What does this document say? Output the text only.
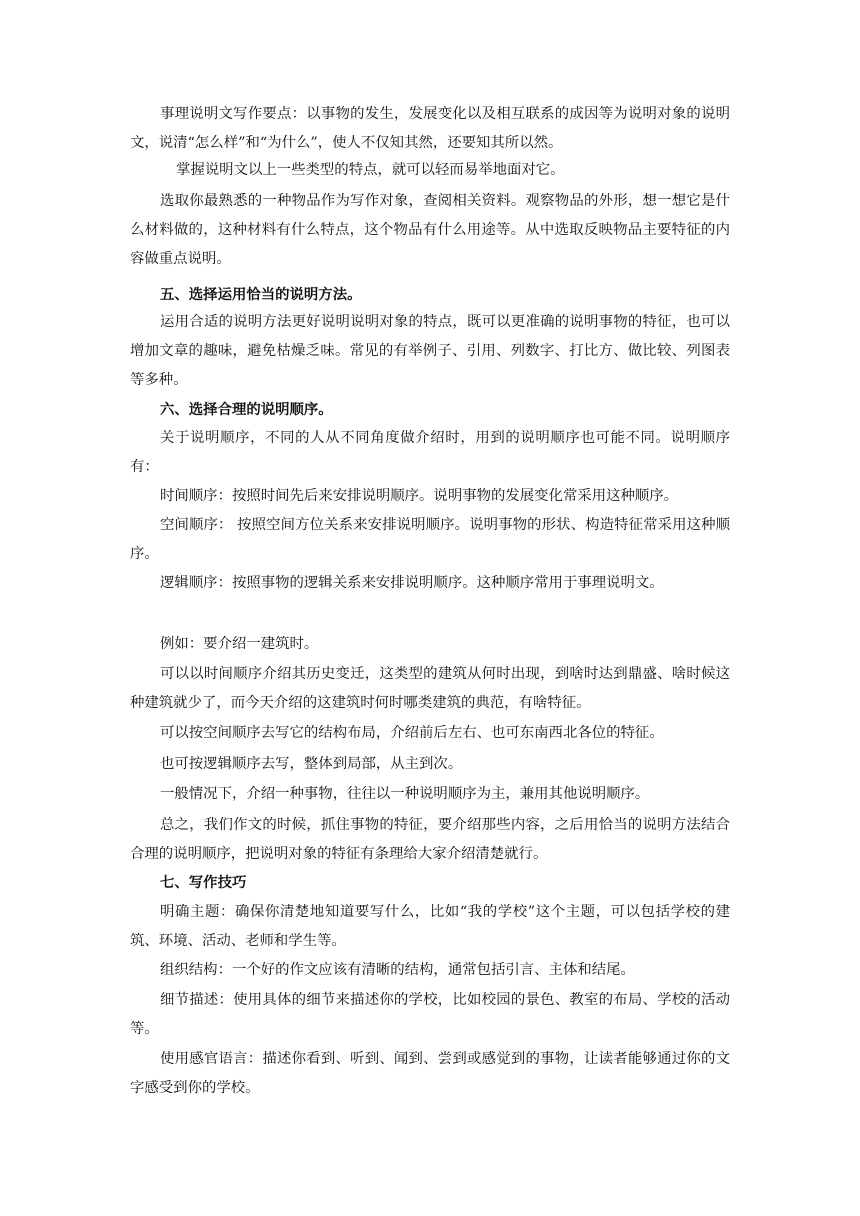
事理说明文写作要点：以事物的发生，发展变化以及相互联系的成因等为说明对象的说明文，说清“怎么样”和“为什么”，使人不仅知其然，还要知其所以然。
掌握说明文以上一些类型的特点，就可以轻而易举地面对它。
选取你最熟悉的一种物品作为写作对象，查阅相关资料。观察物品的外形，想一想它是什么材料做的，这种材料有什么特点，这个物品有什么用途等。从中选取反映物品主要特征的内容做重点说明。
五、选择运用恰当的说明方法。
运用合适的说明方法更好说明说明对象的特点，既可以更准确的说明事物的特征，也可以增加文章的趣味，避免枯燥乏味。常见的有举例子、引用、列数字、打比方、做比较、列图表等多种。
六、选择合理的说明顺序。
关于说明顺序，不同的人从不同角度做介绍时，用到的说明顺序也可能不同。说明顺序有：
时间顺序：按照时间先后来安排说明顺序。说明事物的发展变化常采用这种顺序。
空间顺序： 按照空间方位关系来安排说明顺序。说明事物的形状、构造特征常采用这种顺序。
逻辑顺序：按照事物的逻辑关系来安排说明顺序。这种顺序常用于事理说明文。
例如：要介绍一建筑时。
可以以时间顺序介绍其历史变迁，这类型的建筑从何时出现，到啥时达到鼎盛、啥时候这种建筑就少了，而今天介绍的这建筑时何时哪类建筑的典范，有啥特征。
可以按空间顺序去写它的结构布局，介绍前后左右、也可东南西北各位的特征。
也可按逻辑顺序去写，整体到局部，从主到次。
一般情况下，介绍一种事物，往往以一种说明顺序为主，兼用其他说明顺序。
总之，我们作文的时候，抓住事物的特征，要介绍那些内容，之后用恰当的说明方法结合合理的说明顺序，把说明对象的特征有条理给大家介绍清楚就行。
七、写作技巧
明确主题：确保你清楚地知道要写什么，比如“我的学校”这个主题，可以包括学校的建筑、环境、活动、老师和学生等。
组织结构：一个好的作文应该有清晰的结构，通常包括引言、主体和结尾。
细节描述：使用具体的细节来描述你的学校，比如校园的景色、教室的布局、学校的活动等。
使用感官语言：描述你看到、听到、闻到、尝到或感觉到的事物，让读者能够通过你的文字感受到你的学校。
